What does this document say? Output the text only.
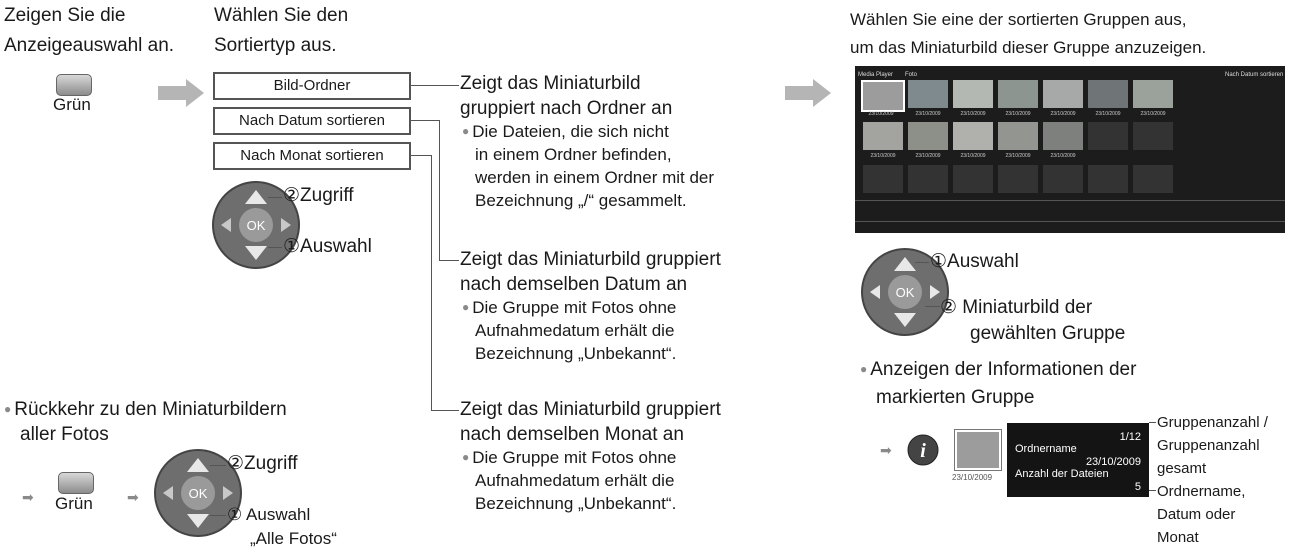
Zeigen Sie die
Anzeigeauswahl an.
Grün
Wählen Sie den
Sortiertyp aus.
Bild-Ordner
Nach Datum sortieren
Nach Monat sortieren
OK
②Zugriff
①Auswahl
Zeigt das Miniaturbild
gruppiert nach Ordner an
● Die Dateien, die sich nicht
in einem Ordner befinden,
werden in einem Ordner mit der
Bezeichnung „/“ gesammelt.
Zeigt das Miniaturbild gruppiert
nach demselben Datum an
● Die Gruppe mit Fotos ohne
Aufnahmedatum erhält die
Bezeichnung „Unbekannt“.
Zeigt das Miniaturbild gruppiert
nach demselben Monat an
● Die Gruppe mit Fotos ohne
Aufnahmedatum erhält die
Bezeichnung „Unbekannt“.
● Rückkehr zu den Miniaturbildern
aller Fotos
➡ Grün ➡	OK
②Zugriff
① Auswahl
„Alle Fotos“
Wählen Sie eine der sortierten Gruppen aus,
um das Miniaturbild dieser Gruppe anzuzeigen.
Media Player Foto	Nach Datum sortieren
23/10/2009	23/10/2009	23/10/2009	23/10/2009	23/10/2009	23/10/2009	23/10/2009
23/10/2009	23/10/2009	23/10/2009	23/10/2009	23/10/2009
OK
①Auswahl
② Miniaturbild der
gewählten Gruppe
● Anzeigen der Informationen der
markierten Gruppe
➡ i
23/10/2009
1/12
Ordnername
23/10/2009
Anzahl der Dateien
5
Gruppenanzahl /
Gruppenanzahl
gesamt
Ordnername,
Datum oder
Monat
